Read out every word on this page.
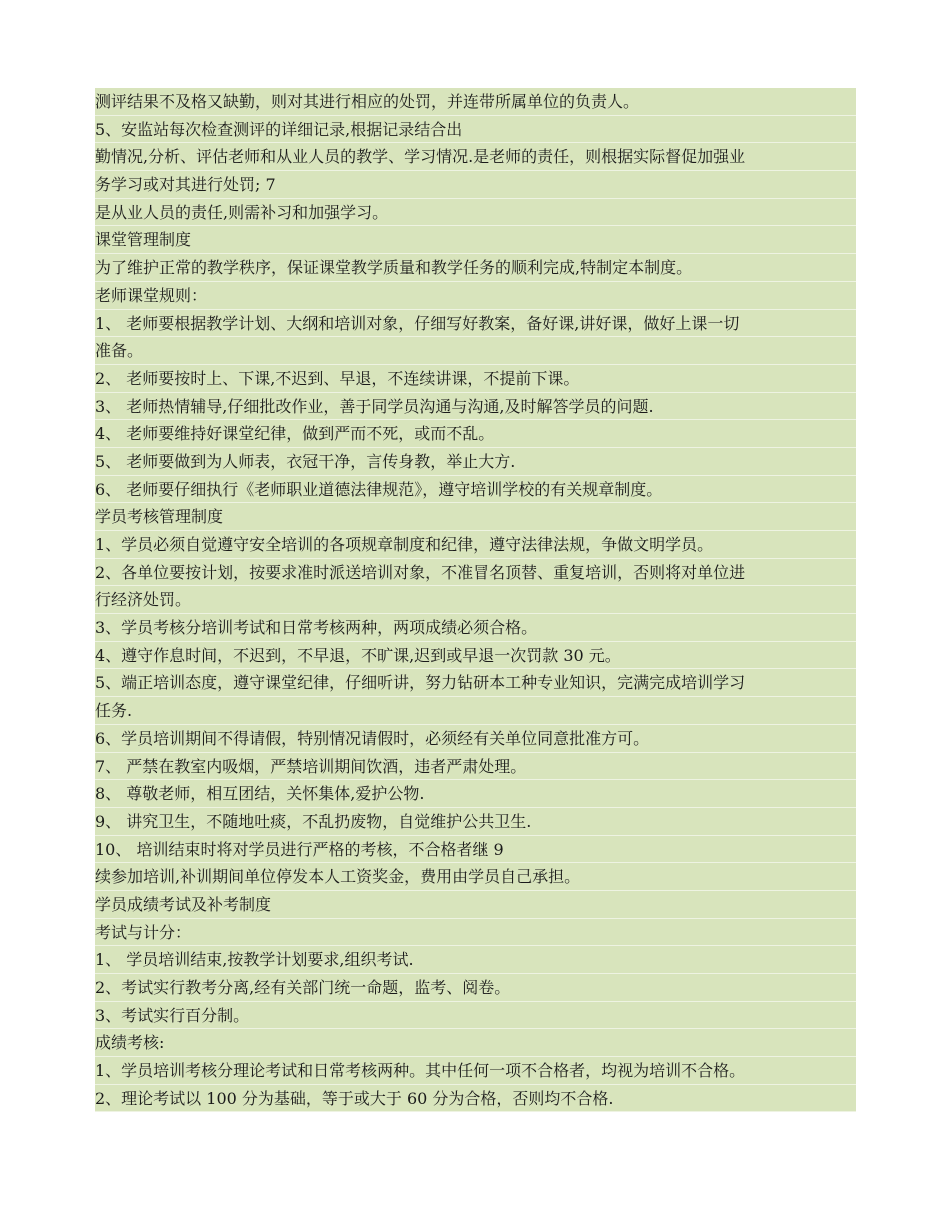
测评结果不及格又缺勤，则对其进行相应的处罚，并连带所属单位的负责人。
5、安监站每次检查测评的详细记录,根据记录结合出
勤情况,分析、评估老师和从业人员的教学、学习情况.是老师的责任，则根据实际督促加强业
务学习或对其进行处罚; 7
是从业人员的责任,则需补习和加强学习。
课堂管理制度
为了维护正常的教学秩序，保证课堂教学质量和教学任务的顺利完成,特制定本制度。
老师课堂规则：
1、 老师要根据教学计划、大纲和培训对象，仔细写好教案，备好课,讲好课，做好上课一切
准备。
2、 老师要按时上、下课,不迟到、早退，不连续讲课，不提前下课。
3、 老师热情辅导,仔细批改作业，善于同学员沟通与沟通,及时解答学员的问题.
4、 老师要维持好课堂纪律，做到严而不死，或而不乱。
5、 老师要做到为人师表，衣冠干净，言传身教，举止大方.
6、 老师要仔细执行《老师职业道德法律规范》，遵守培训学校的有关规章制度。
学员考核管理制度
1、学员必须自觉遵守安全培训的各项规章制度和纪律，遵守法律法规，争做文明学员。
2、各单位要按计划，按要求准时派送培训对象，不准冒名顶替、重复培训，否则将对单位进
行经济处罚。
3、学员考核分培训考试和日常考核两种，两项成绩必须合格。
4、遵守作息时间，不迟到，不早退，不旷课,迟到或早退一次罚款 30 元。
5、端正培训态度，遵守课堂纪律，仔细听讲，努力钻研本工种专业知识，完满完成培训学习
任务.
6、学员培训期间不得请假，特别情况请假时，必须经有关单位同意批准方可。
7、 严禁在教室内吸烟，严禁培训期间饮酒，违者严肃处理。
8、 尊敬老师，相互团结，关怀集体,爱护公物.
9、 讲究卫生，不随地吐痰，不乱扔废物，自觉维护公共卫生.
10、 培训结束时将对学员进行严格的考核，不合格者继 9
续参加培训,补训期间单位停发本人工资奖金，费用由学员自己承担。
学员成绩考试及补考制度
考试与计分：
1、 学员培训结束,按教学计划要求,组织考试.
2、考试实行教考分离,经有关部门统一命题，监考、阅卷。
3、考试实行百分制。
成绩考核:
1、学员培训考核分理论考试和日常考核两种。其中任何一项不合格者，均视为培训不合格。
2、理论考试以 100 分为基础，等于或大于 60 分为合格，否则均不合格.
